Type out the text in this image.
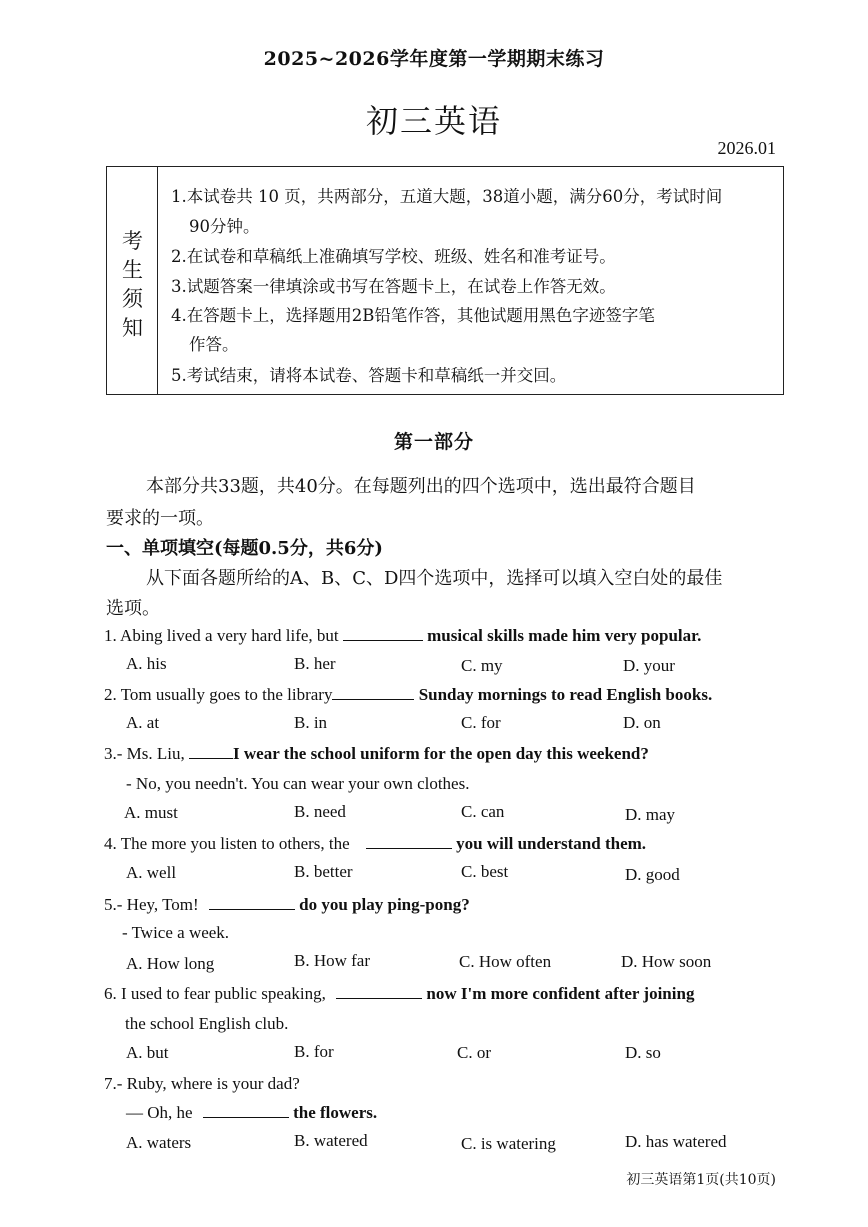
2025~2026学年度第一学期期末练习
初三英语
2026.01
考
生
须
知
1.本试卷共 10 页，共两部分，五道大题，38道小题，满分60分，考试时间
90分钟。
2.在试卷和草稿纸上准确填写学校、班级、姓名和准考证号。
3.试题答案一律填涂或书写在答题卡上，在试卷上作答无效。
4.在答题卡上，选择题用2B铅笔作答，其他试题用黑色字迹签字笔
作答。
5.考试结束，请将本试卷、答题卡和草稿纸一并交回。
第一部分
本部分共33题，共40分。在每题列出的四个选项中，选出最符合题目
要求的一项。
一、单项填空(每题0.5分，共6分)
从下面各题所给的A、B、C、D四个选项中，选择可以填入空白处的最佳
选项。
1. Abing lived a very hard life, but	musical skills made him very popular.
A. his	B. her	C. my	D. your
2. Tom usually goes to the library	Sunday mornings to read English books.
A. at	B. in	C. for	D. on
3.- Ms. Liu,	I wear the school uniform for the open day this weekend?
- No, you needn't. You can wear your own clothes.
A. must	B. need	C. can	D. may
4. The more you listen to others, the	you will understand them.
A. well	B. better	C. best	D. good
5.- Hey, Tom!	do you play ping-pong?
- Twice a week.
A. How long	B. How far	C. How often	D. How soon
6. I used to fear public speaking,	now I'm more confident after joining
the school English club.
A. but	B. for	C. or	D. so
7.- Ruby, where is your dad?
— Oh, he	the flowers.
A. waters	B. watered	C. is watering	D. has watered
初三英语第1页(共10页)
